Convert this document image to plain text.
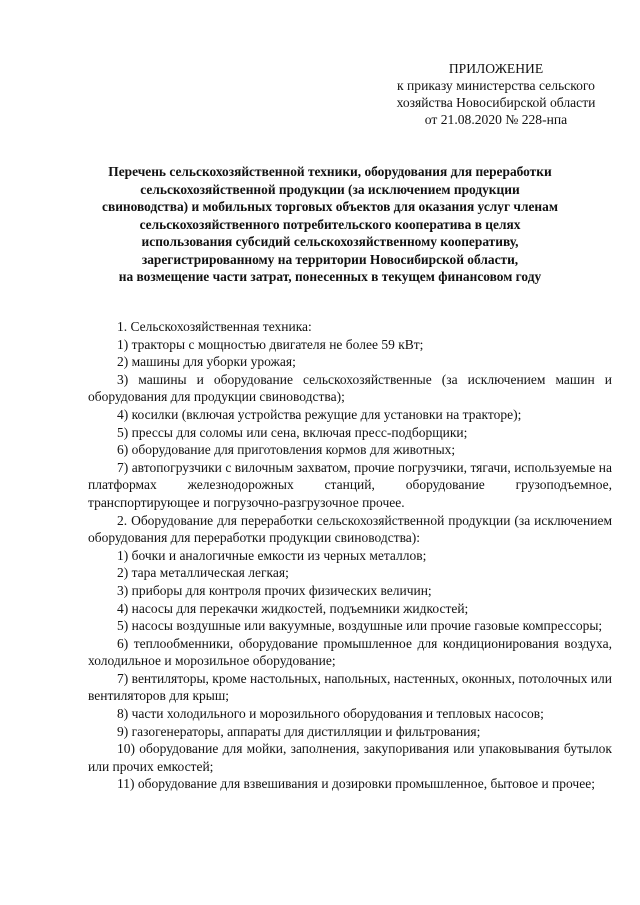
ПРИЛОЖЕНИЕ
к приказу министерства сельского
хозяйства Новосибирской области
от 21.08.2020 № 228-нпа
Перечень сельскохозяйственной техники, оборудования для переработки
сельскохозяйственной продукции (за исключением продукции
свиноводства) и мобильных торговых объектов для оказания услуг членам
сельскохозяйственного потребительского кооператива в целях
использования субсидий сельскохозяйственному кооперативу,
зарегистрированному на территории Новосибирской области,
на возмещение части затрат, понесенных в текущем финансовом году

1. Сельскохозяйственная техника:

1) тракторы с мощностью двигателя не более 59 кВт;

2) машины для уборки урожая;

3) машины и оборудование сельскохозяйственные (за исключением машин и оборудования для продукции свиноводства);

4) косилки (включая устройства режущие для установки на тракторе);

5) прессы для соломы или сена, включая пресс-подборщики;

6) оборудование для приготовления кормов для животных;

7) автопогрузчики с вилочным захватом, прочие погрузчики, тягачи, используемые на платформах железнодорожных станций, оборудование грузоподъемное, транспортирующее и погрузочно-разгрузочное прочее.

2. Оборудование для переработки сельскохозяйственной продукции (за исключением оборудования для переработки продукции свиноводства):

1) бочки и аналогичные емкости из черных металлов;

2) тара металлическая легкая;

3) приборы для контроля прочих физических величин;

4) насосы для перекачки жидкостей, подъемники жидкостей;

5) насосы воздушные или вакуумные, воздушные или прочие газовые компрессоры;

6) теплообменники, оборудование промышленное для кондиционирования воздуха, холодильное и морозильное оборудование;

7) вентиляторы, кроме настольных, напольных, настенных, оконных, потолочных или вентиляторов для крыш;

8) части холодильного и морозильного оборудования и тепловых насосов;

9) газогенераторы, аппараты для дистилляции и фильтрования;

10) оборудование для мойки, заполнения, закупоривания или упаковывания бутылок или прочих емкостей;

11) оборудование для взвешивания и дозировки промышленное, бытовое и прочее;
